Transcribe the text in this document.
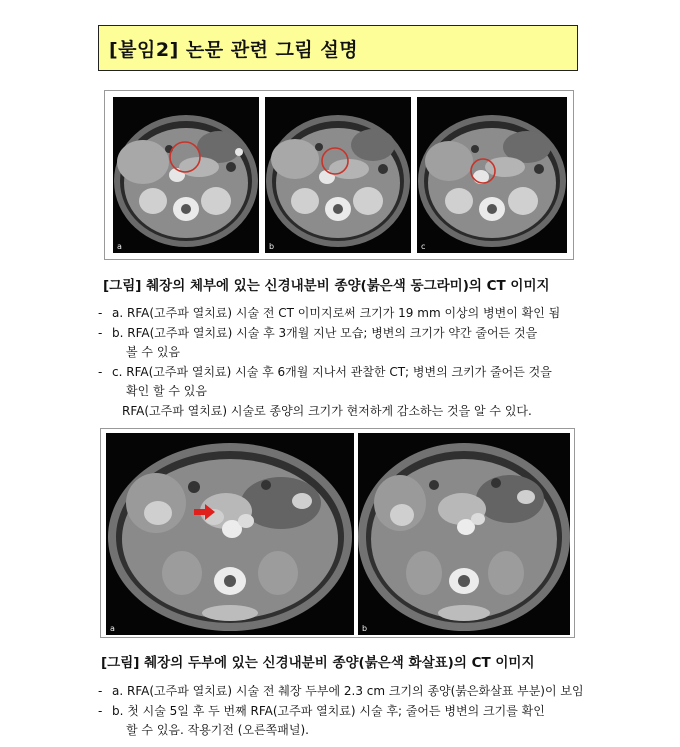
[붙임2] 논문 관련 그림 설명
a	b	c
[그림] 췌장의 체부에 있는 신경내분비 종양(붉은색 동그라미)의 CT 이미지
- a. RFA(고주파 열치료) 시술 전 CT 이미지로써 크기가 19 mm 이상의 병변이 확인 됨
- b. RFA(고주파 열치료) 시술 후 3개월 지난 모습; 병변의 크기가 약간 줄어든 것을
볼 수 있음
- c. RFA(고주파 열치료) 시술 후 6개월 지나서 관찰한 CT; 병변의 크키가 줄어든 것을
확인 할 수 있음
RFA(고주파 열치료) 시술로 종양의 크기가 현저하게 감소하는 것을 알 수 있다.
a	b
[그림] 췌장의 두부에 있는 신경내분비 종양(붉은색 화살표)의 CT 이미지
- a. RFA(고주파 열치료) 시술 전 췌장 두부에 2.3 cm 크기의 종양(붉은화살표 부분)이 보임
- b. 첫 시술 5일 후 두 번째 RFA(고주파 열치료) 시술 후; 줄어든 병변의 크기를 확인
할 수 있음. 작용기전 (오른쪽패널).
